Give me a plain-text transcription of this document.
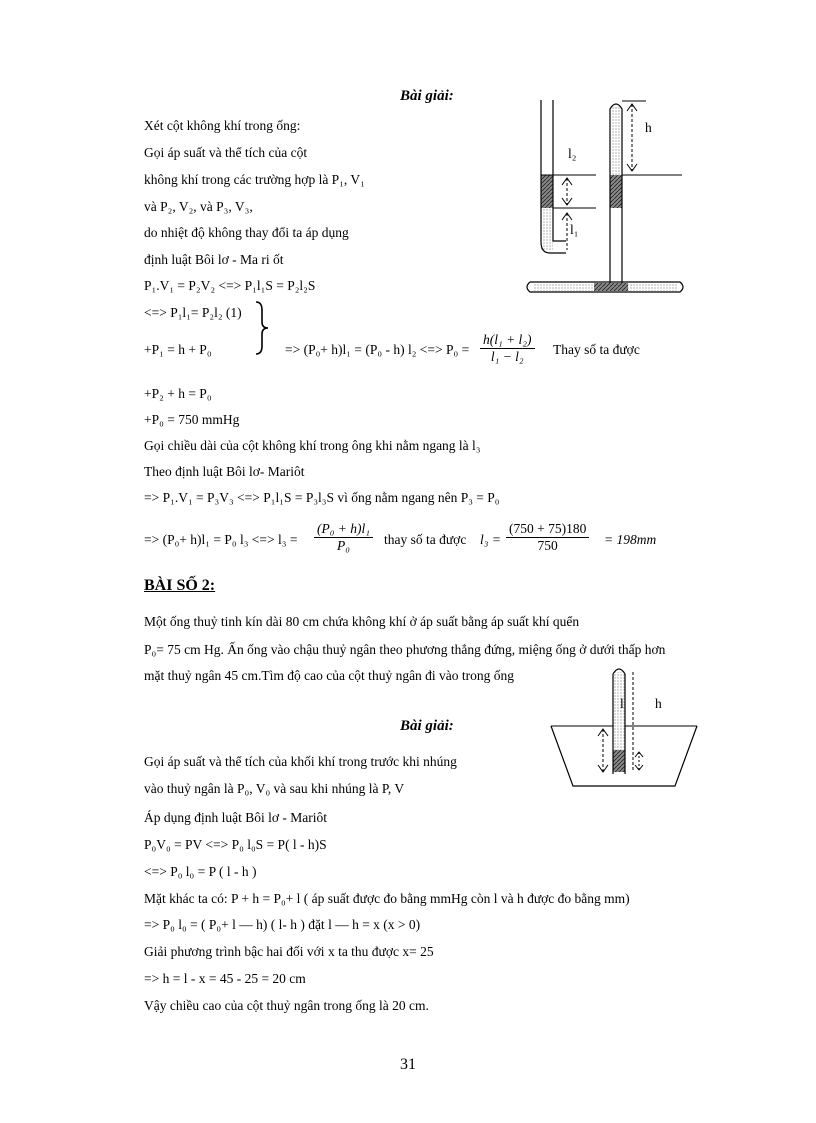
Bài giải:
Xét cột không khí trong ống:
Gọi áp suất và thể tích của cột
không khí trong các trường hợp là P₁, V₁
và P₂, V₂, và P₃, V₃,
do nhiệt độ không thay đổi ta áp dụng
định luật Bôi lơ - Ma ri ốt
P₁.V₁ = P₂V₂ <=> P₁l₁S = P₂l₂S
<=> P₁l₁= P₂l₂ (1)
+P₁ = h + P₀	=> (P₀+ h)l₁ = (P₀ - h) l₂ <=> $P_0 = \frac{\text{h(l₁ + l₂)}}{\text{l₁ − l₂}}$ Thay số ta được
+P₂ + h = P₀
+P₀ = 750 mmHg
Gọi chiều dài của cột không khí trong ông khi nằm ngang là l₃
Theo định luật Bôi lơ- Mariôt
=> P₁.V₁ = P₃V₃ <=> P₁l₁S = P₃l₃S vì ống nằm ngang nên P₃ = P₀
=> (P₀+ h)l₁ = P₀ l₃ <=> $l_3 = \frac{\text{(P₀ + h)l₁}}{\text{P₀}}$ thay số ta được $l_3 = \frac{(750 + 75)180}{750} = 198mm$
h
l₂
l₁
BÀI SỐ 2:
Một ống thuỷ tinh kín dài 80 cm chứa không khí ở áp suất bằng áp suất khí quển
P₀= 75 cm Hg. Ấn ống vào chậu thuỷ ngân theo phương thẳng đứng, miệng ống ở dưới thấp hơn
mặt thuỷ ngân 45 cm.Tìm độ cao của cột thuỷ ngân đi vào trong ống
l h
Bài giải:
Gọi áp suất và thể tích của khối khí trong trước khi nhúng
vào thuỷ ngân là P₀, V₀ và sau khi nhúng là P, V
Áp dụng định luật Bôi lơ - Mariôt
P₀V₀ = PV <=> P₀ l₀S = P( l - h)S
<=> P₀ l₀ = P ( l - h )
Mặt khác ta có: P + h = P₀+ l ( áp suất được đo bằng mmHg còn l và h được đo bằng mm)
=> P₀ l₀ = ( P₀+ l — h) ( l- h ) đặt l — h = x (x > 0)
Giải phương trình bậc hai đối với x ta thu được x= 25
=> h = l - x = 45 - 25 = 20 cm
Vậy chiều cao của cột thuỷ ngân trong ống là 20 cm.
31
